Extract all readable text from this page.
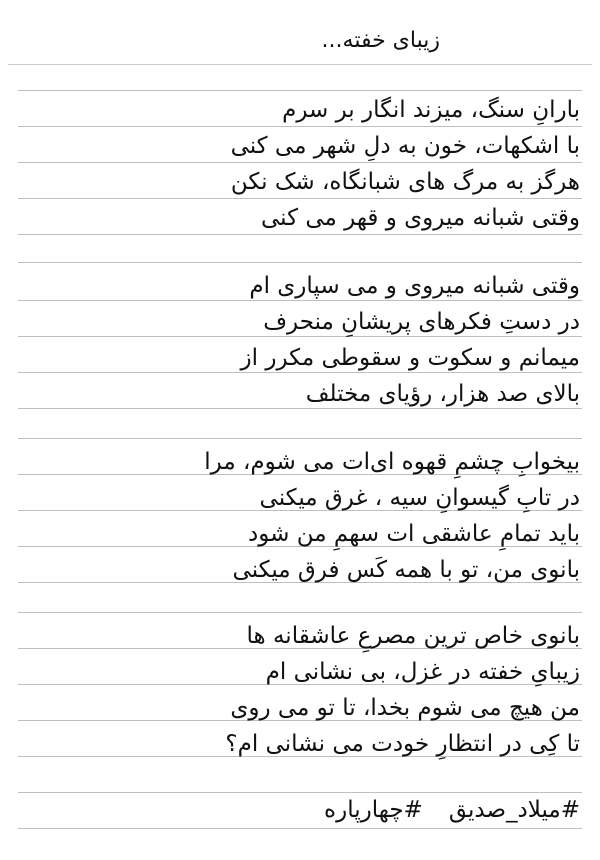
زیبای خفته...
بارانِ سنگ، میزند انگار بر سرم
با اشکهات، خون به دلِ شهر می کنی
هرگز به مرگ های شبانگاه، شک نکن
وقتی شبانه میروی و قهر می کنی
وقتی شبانه میروی و می سپاری ام
در دستِ فکرهای پریشانِ منحرف
میمانم و سکوت و سقوطی مکرر از
بالای صد هزار، رؤیای مختلف
بیخوابِ چشمِ قهوه ای‌ات می شوم، مرا
در تابِ گیسوانِ سیه ، غرق میکنی
باید تمامِ عاشقی ات سهمِ من شود
بانوی من، تو با همه کَس فرق میکنی
بانوی خاص ترین مصرعِ عاشقانه ها
زیبایِ خفته در غزل، بی نشانی ام
من هیچ می شوم بخدا، تا تو می روی
تا کِی در انتظارِ خودت می نشانی ام؟
#میلاد_صدیق#چهارپاره
